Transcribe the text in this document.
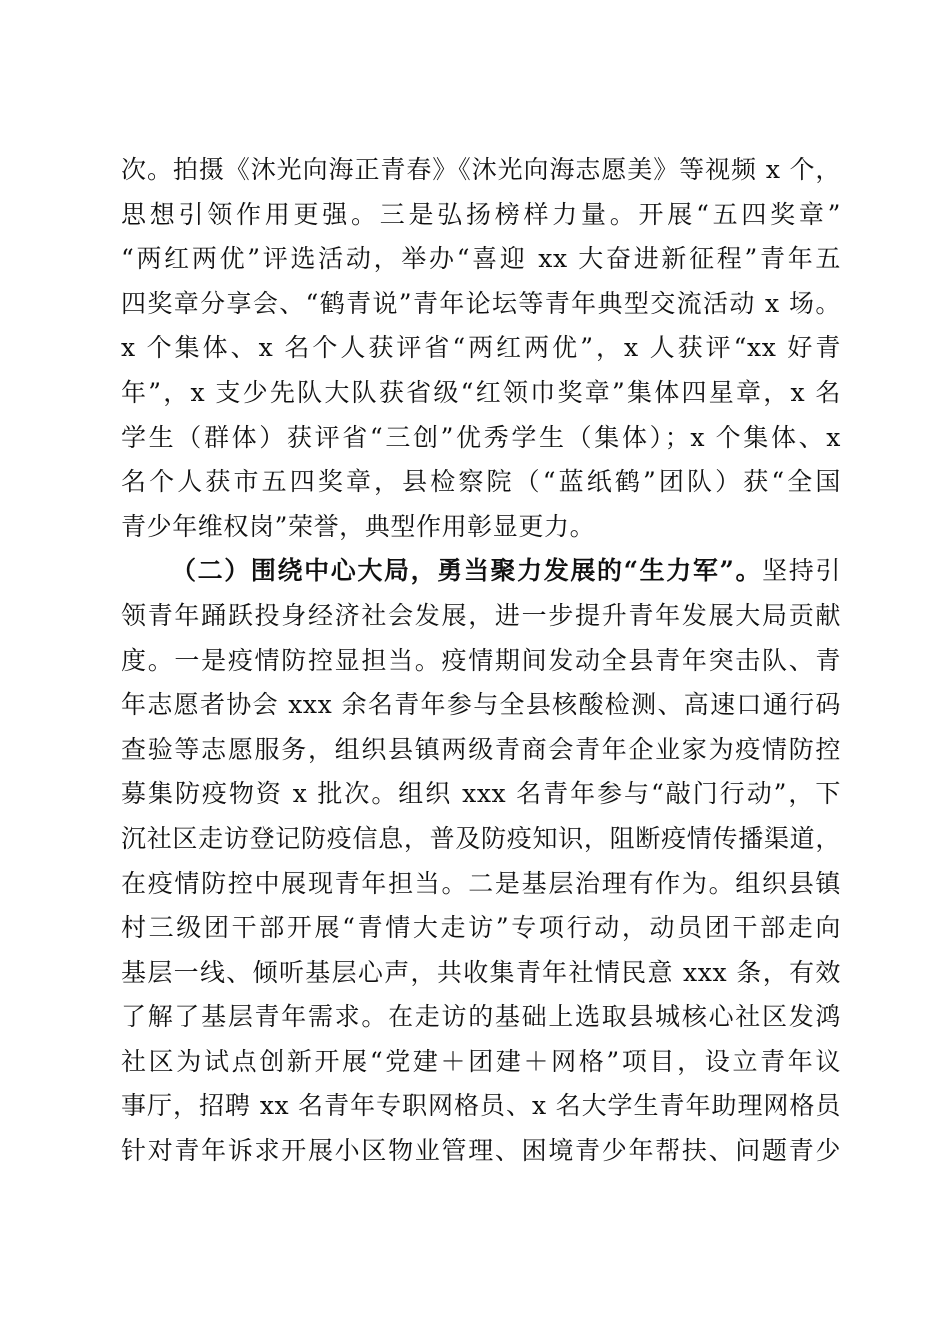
次。拍摄《沐光向海正青春》《沐光向海志愿美》等视频 x 个，
思想引领作用更强。三是弘扬榜样力量。开展“五四奖章”
“两红两优”评选活动，举办“喜迎 xx 大奋进新征程”青年五
四奖章分享会、“鹤青说”青年论坛等青年典型交流活动 x 场。
x 个集体、x 名个人获评省“两红两优”，x 人获评“xx 好青
年”，x 支少先队大队获省级“红领巾奖章”集体四星章，x 名
学生（群体）获评省“三创”优秀学生（集体）；x 个集体、x
名个人获市五四奖章，县检察院（“蓝纸鹤”团队）获“全国
青少年维权岗”荣誉，典型作用彰显更力。
（二）围绕中心大局，勇当聚力发展的“生力军”。坚持引
领青年踊跃投身经济社会发展，进一步提升青年发展大局贡献
度。一是疫情防控显担当。疫情期间发动全县青年突击队、青
年志愿者协会 xxx 余名青年参与全县核酸检测、高速口通行码
查验等志愿服务，组织县镇两级青商会青年企业家为疫情防控
募集防疫物资 x 批次。组织 xxx 名青年参与“敲门行动”，下
沉社区走访登记防疫信息，普及防疫知识，阻断疫情传播渠道，
在疫情防控中展现青年担当。二是基层治理有作为。组织县镇
村三级团干部开展“青情大走访”专项行动，动员团干部走向
基层一线、倾听基层心声，共收集青年社情民意 xxx 条，有效
了解了基层青年需求。在走访的基础上选取县城核心社区发鸿
社区为试点创新开展“党建＋团建＋网格”项目，设立青年议
事厅，招聘 xx 名青年专职网格员、x 名大学生青年助理网格员
针对青年诉求开展小区物业管理、困境青少年帮扶、问题青少
